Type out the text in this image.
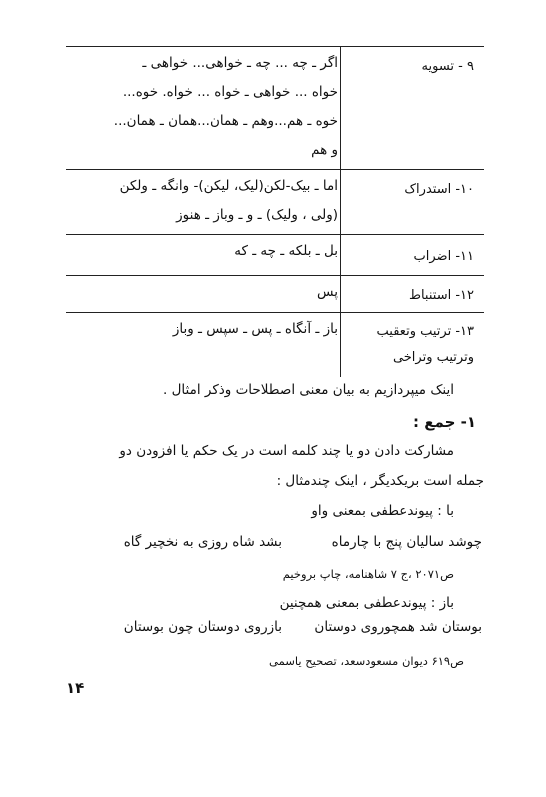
۹ - تسویه
اگر ـ چه ... چه ـ خواهی... خواهی ـ
خواه ... خواهی ـ خواه ... خواه. خوه...
خوه ـ هم...وهم ـ همان...همان ـ همان...
و هم
۱۰- استدراک
اما ـ بیک-لکن(لیک، لیکن)- وانگه ـ ولکن
(ولی ، ولیک) ـ و ـ وباز ـ هنوز
۱۱- اضراب
بل ـ بلکه ـ چه ـ که
۱۲- استنباط
پس
۱۳- ترتیب وتعقیب
وترتیب وتراخی
باز ـ آنگاه ـ پس ـ سپس ـ وباز
اینک میپردازیم به بیان معنی اصطلاحات وذکر امثال .
۱- جمع :
مشارکت دادن دو یا چند کلمه است در یک حکم یا افزودن دو
جمله است بریکدیگر ، اینک چندمثال :
با : پیوندعطفی بمعنی واو
چوشد سالیان پنج با چارماه
بشد شاه روزی به نخچیر گاه
ص۲۰۷۱ ،ج ۷ شاهنامه، چاپ بروخیم
باز : پیوندعطفی بمعنی همچنین
بوستان شد همچوروی دوستان
بازروی دوستان چون بوستان
ص۶۱۹ دیوان مسعودسعد، تصحیح یاسمی
۱۴
